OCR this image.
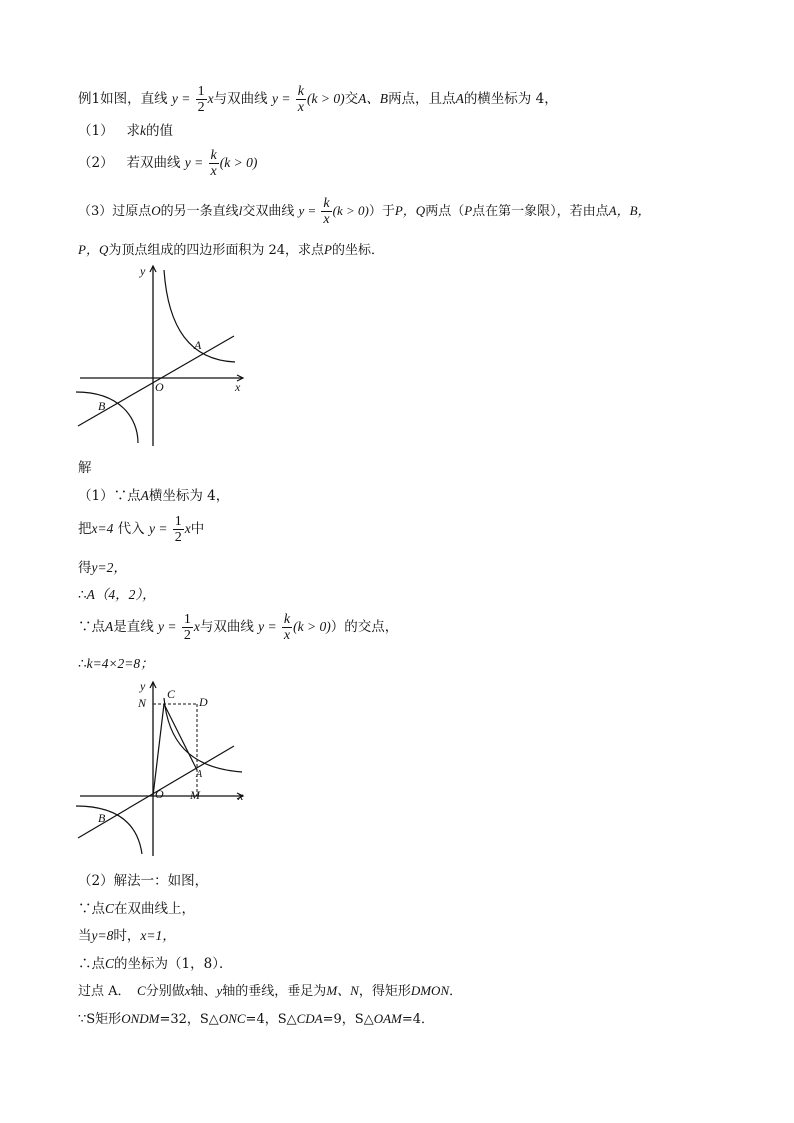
例1如图，直线 $y = \frac{1}{2}$ x与双曲线 $y = \frac{k}{x} (k > 0)$交A、B两点，且点A的横坐标为 4，
（1） 求k的值
（2） 若双曲线 $y = \frac{k}{x} (k > 0)$
（3）过原点O的另一条直线l交双曲线 $y = \frac{k}{x} (k > 0)$）于P，Q两点（P点在第一象限），若由点A，B，
P，Q为顶点组成的四边形面积为 24，求点P的坐标．
y
x
O
A
B
解
（1）∵点A横坐标为 4，
把x=4 代入 $y = \frac{1}{2}$ x中
得y=2，
∴A（4，2），
∵点A是直线 $y = \frac{1}{2}$ x与双曲线 $y = \frac{k}{x} (k > 0)$）的交点，
∴k=4×2=8；
y
x
O
A
B
C
D
N
M
（2）解法一：如图，
∵点C在双曲线上，
当y=8时，x=1，
∴点C的坐标为（1，8）．
过点 A．　C分别做x轴、y轴的垂线，垂足为M、N，得矩形DMON．
∵S矩形ONDM=32，S△ONC=4，S△CDA=9，S△OAM=4．
